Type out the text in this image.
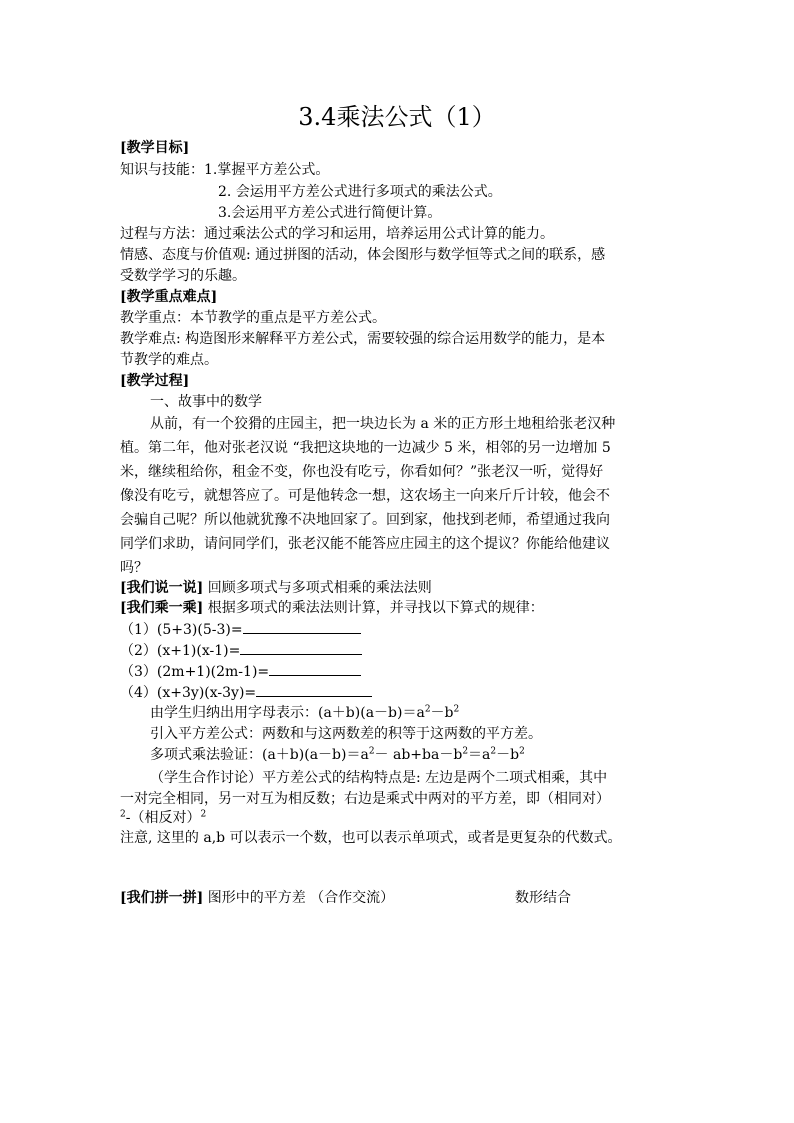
3.4乘法公式（1）
[教学目标]
知识与技能：1.掌握平方差公式。
2. 会运用平方差公式进行多项式的乘法公式。
3.会运用平方差公式进行简便计算。
过程与方法：通过乘法公式的学习和运用，培养运用公式计算的能力。
情感、态度与价值观: 通过拼图的活动，体会图形与数学恒等式之间的联系，感
受数学学习的乐趣。
[教学重点难点]
教学重点：本节教学的重点是平方差公式。
教学难点: 构造图形来解释平方差公式，需要较强的综合运用数学的能力，是本
节教学的难点。
[教学过程]
一、故事中的数学
从前，有一个狡猾的庄园主，把一块边长为 a 米的正方形土地租给张老汉种
植。第二年，他对张老汉说 “我把这块地的一边减少 5 米，相邻的另一边增加 5
米，继续租给你，租金不变，你也没有吃亏，你看如何？”张老汉一听，觉得好
像没有吃亏，就想答应了。可是他转念一想，这农场主一向来斤斤计较，他会不
会骗自己呢？所以他就犹豫不决地回家了。回到家，他找到老师，希望通过我向
同学们求助，请问同学们，张老汉能不能答应庄园主的这个提议？你能给他建议
吗？
[我们说一说] 回顾多项式与多项式相乘的乘法法则
[我们乘一乘] 根据多项式的乘法法则计算，并寻找以下算式的规律：
（1）(5+3)(5-3)=
（2）(x+1)(x-1)=
（3）(2m+1)(2m-1)=
（4）(x+3y)(x-3y)=
由学生归纳出用字母表示：$(a+b)(a-b)=a^2-b^2$
引入平方差公式：两数和与这两数差的积等于这两数的平方差。
多项式乘法验证：$(a+b)(a-b)=a^2- ab+ba-b^2=a^2-b^2$
（学生合作讨论）平方差公式的结构特点是: 左边是两个二项式相乘，其中
一对完全相同，另一对互为相反数；右边是乘式中两对的平方差，即（相同对）
$^2$-（相反对）$^2$
注意, 这里的 a,b 可以表示一个数，也可以表示单项式，或者是更复杂的代数式。
[我们拼一拼] 图形中的平方差 （合作交流）	数形结合
